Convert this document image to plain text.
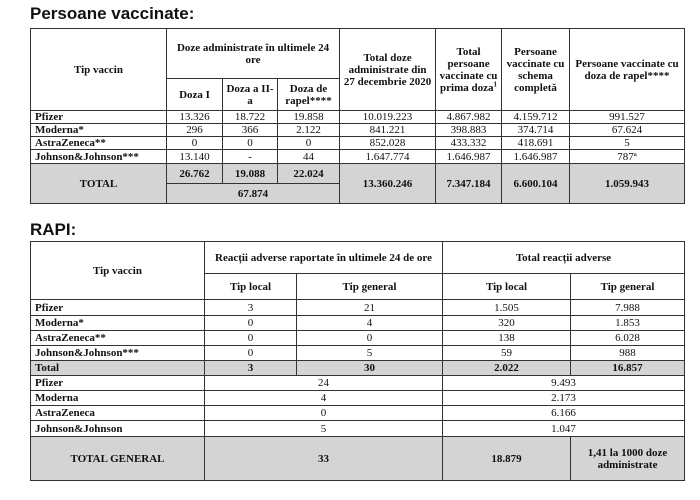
Persoane vaccinate:
Tip vaccin	Doze administrate în ultimele 24 ore			Total doze administrate din 27 decembrie 2020	Total persoane vaccinate cu prima doza$^1$	Persoane vaccinate cu schema completă	Persoane vaccinate cu doza de rapel****
	Doza I	Doza a II-a	Doza de rapel****				
Pfizer	13.326	18.722	19.858	10.019.223	4.867.982	4.159.712	991.527
Moderna*	296	366	2.122	841.221	398.883	374.714	67.624
AstraZeneca**	0	0	0	852.028	433.332	418.691	5
Johnson&Johnson***	13.140	-	44	1.647.774	1.646.987	1.646.987	787ª
TOTAL	26.762	19.088	22.024	13.360.246	7.347.184	6.600.104	1.059.943
	67.874						
RAPI:
Tip vaccin	Reacții adverse raportate în ultimele 24 de ore		Total reacții adverse	
	Tip local	Tip general	Tip local	Tip general
Pfizer	3	21	1.505	7.988
Moderna*	0	4	320	1.853
AstraZeneca**	0	0	138	6.028
Johnson&Johnson***	0	5	59	988
Total	3	30	2.022	16.857
Pfizer	24		9.493	
Moderna	4		2.173	
AstraZeneca	0		6.166	
Johnson&Johnson	5		1.047	
TOTAL GENERAL	33		18.879	1,41 la 1000 doze administrate
